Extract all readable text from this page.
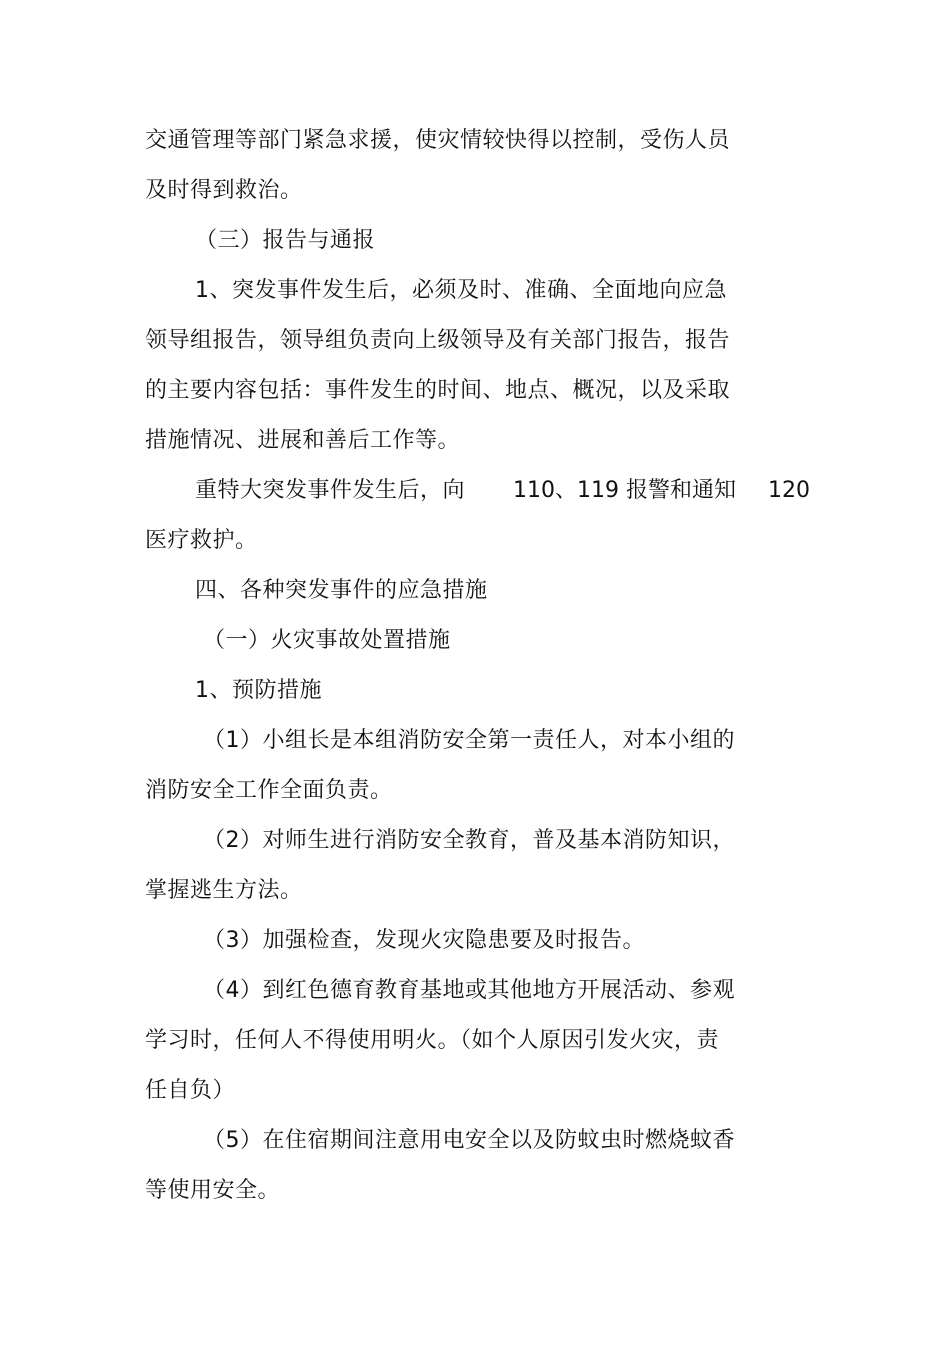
交通管理等部门紧急求援，使灾情较快得以控制，受伤人员
及时得到救治。
（三）报告与通报
1、突发事件发生后，必须及时、准确、全面地向应急
领导组报告，领导组负责向上级领导及有关部门报告，报告
的主要内容包括：事件发生的时间、地点、概况，以及采取
措施情况、进展和善后工作等。
重特大突发事件发生后，向 110、119 报警和通知 120
医疗救护。
四、各种突发事件的应急措施
（一）火灾事故处置措施
1、预防措施
（1）小组长是本组消防安全第一责任人，对本小组的
消防安全工作全面负责。
（2）对师生进行消防安全教育，普及基本消防知识，
掌握逃生方法。
（3）加强检查，发现火灾隐患要及时报告。
（4）到红色德育教育基地或其他地方开展活动、参观
学习时，任何人不得使用明火。（如个人原因引发火灾，责
任自负）
（5）在住宿期间注意用电安全以及防蚊虫时燃烧蚊香
等使用安全。
